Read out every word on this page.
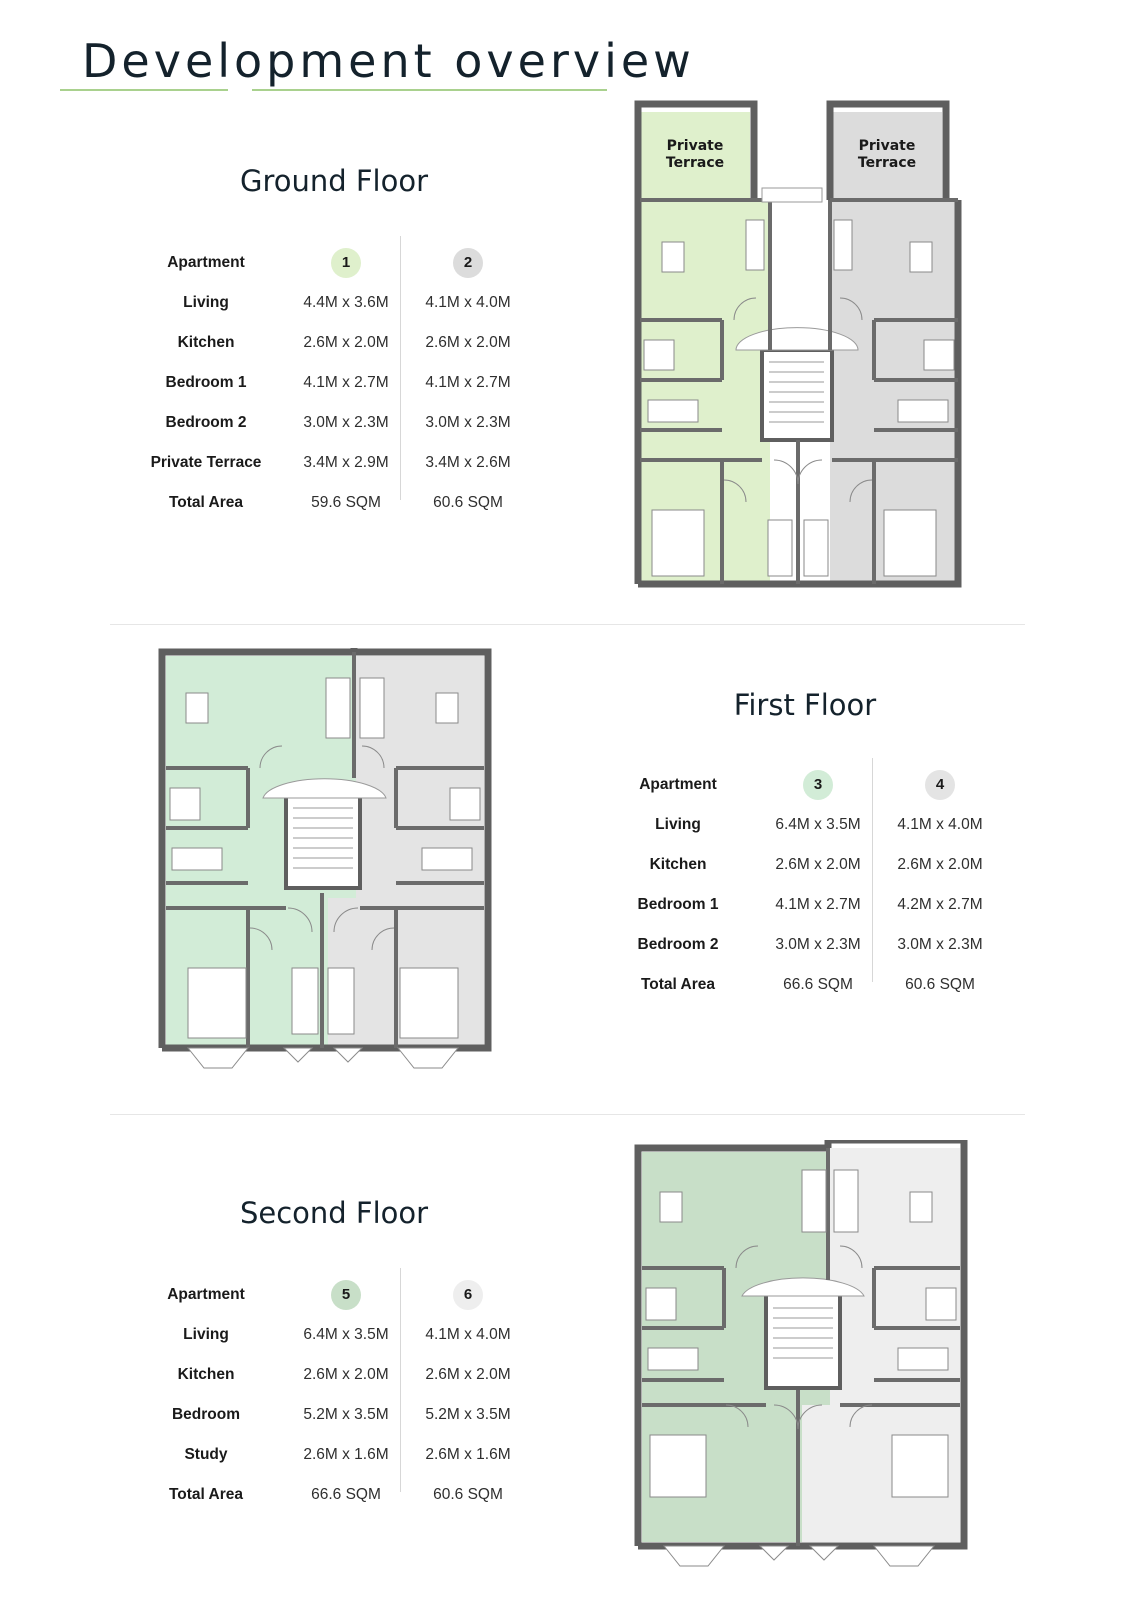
Development overview
Ground Floor
Apartment	1	2
Living	4.4M x 3.6M	4.1M x 4.0M
Kitchen	2.6M x 2.0M	2.6M x 2.0M
Bedroom 1	4.1M x 2.7M	4.1M x 2.7M
Bedroom 2	3.0M x 2.3M	3.0M x 2.3M
Private Terrace	3.4M x 2.9M	3.4M x 2.6M
Total Area	59.6 SQM	60.6 SQM
Private Terrace
Private Terrace
First Floor
Apartment	3	4
Living	6.4M x 3.5M	4.1M x 4.0M
Kitchen	2.6M x 2.0M	2.6M x 2.0M
Bedroom 1	4.1M x 2.7M	4.2M x 2.7M
Bedroom 2	3.0M x 2.3M	3.0M x 2.3M
Total Area	66.6 SQM	60.6 SQM
Second Floor
Apartment	5	6
Living	6.4M x 3.5M	4.1M x 4.0M
Kitchen	2.6M x 2.0M	2.6M x 2.0M
Bedroom	5.2M x 3.5M	5.2M x 3.5M
Study	2.6M x 1.6M	2.6M x 1.6M
Total Area	66.6 SQM	60.6 SQM
